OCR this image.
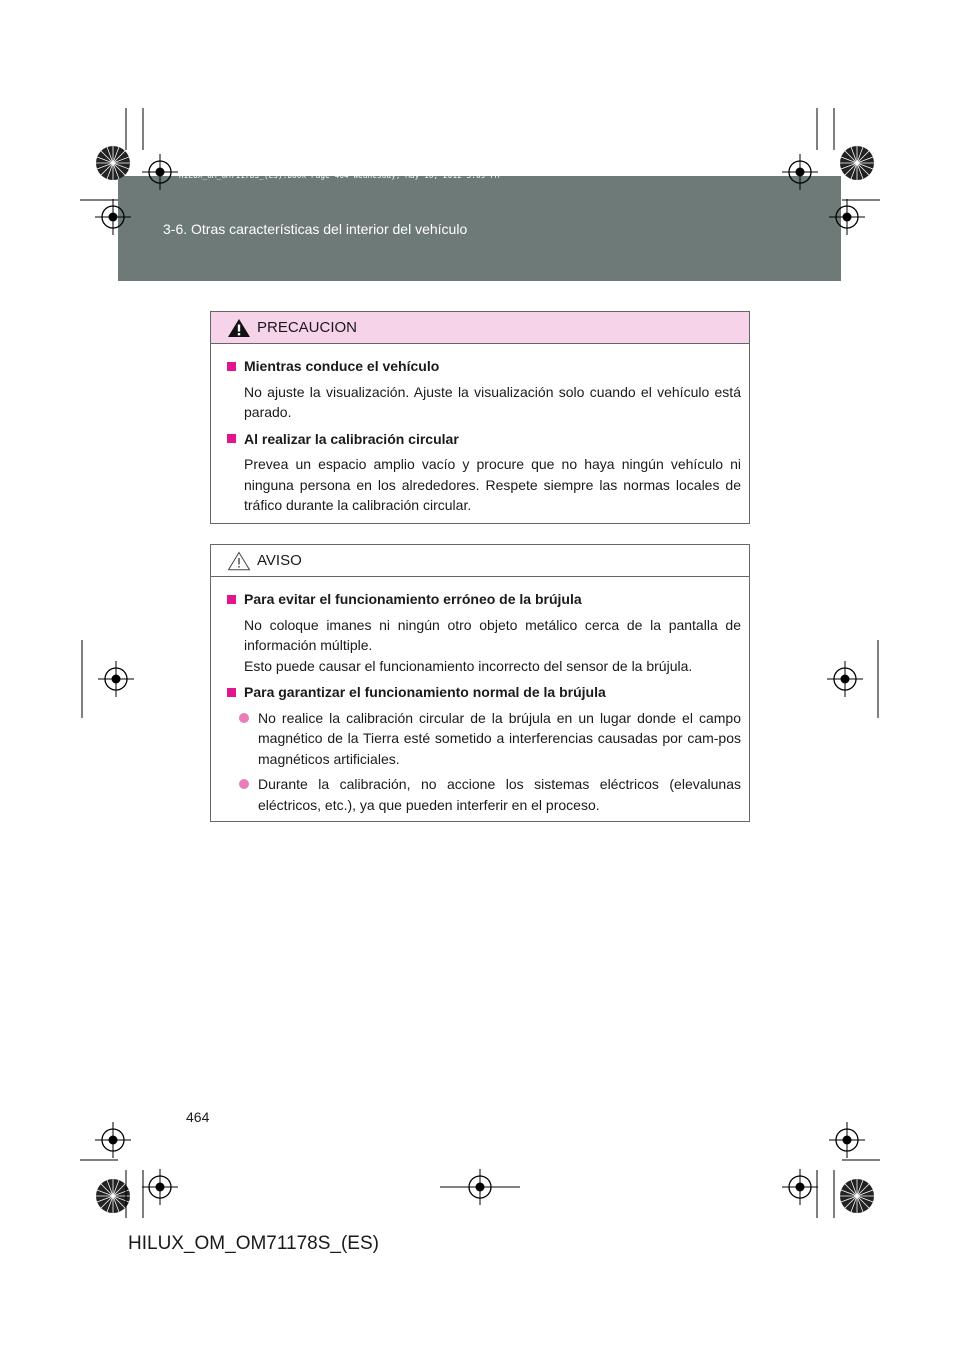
3-6. Otras características del interior del vehículo
HILUX_OM_OM71178S_(ES).book Page 464 Wednesday, May 16, 2012 3:09 PM
PRECAUCION
Mientras conduce el vehículo
No ajuste la visualización. Ajuste la visualización solo cuando el vehículo está parado.
Al realizar la calibración circular
Prevea un espacio amplio vacío y procure que no haya ningún vehículo ni ninguna persona en los alrededores. Respete siempre las normas locales de tráfico durante la calibración circular.
AVISO
Para evitar el funcionamiento erróneo de la brújula
No coloque imanes ni ningún otro objeto metálico cerca de la pantalla de información múltiple.
Esto puede causar el funcionamiento incorrecto del sensor de la brújula.
Para garantizar el funcionamiento normal de la brújula
No realice la calibración circular de la brújula en un lugar donde el campo magnético de la Tierra esté sometido a interferencias causadas por cam-pos magnéticos artificiales.
Durante la calibración, no accione los sistemas eléctricos (elevalunas eléctricos, etc.), ya que pueden interferir en el proceso.
464
HILUX_OM_OM71178S_(ES)
